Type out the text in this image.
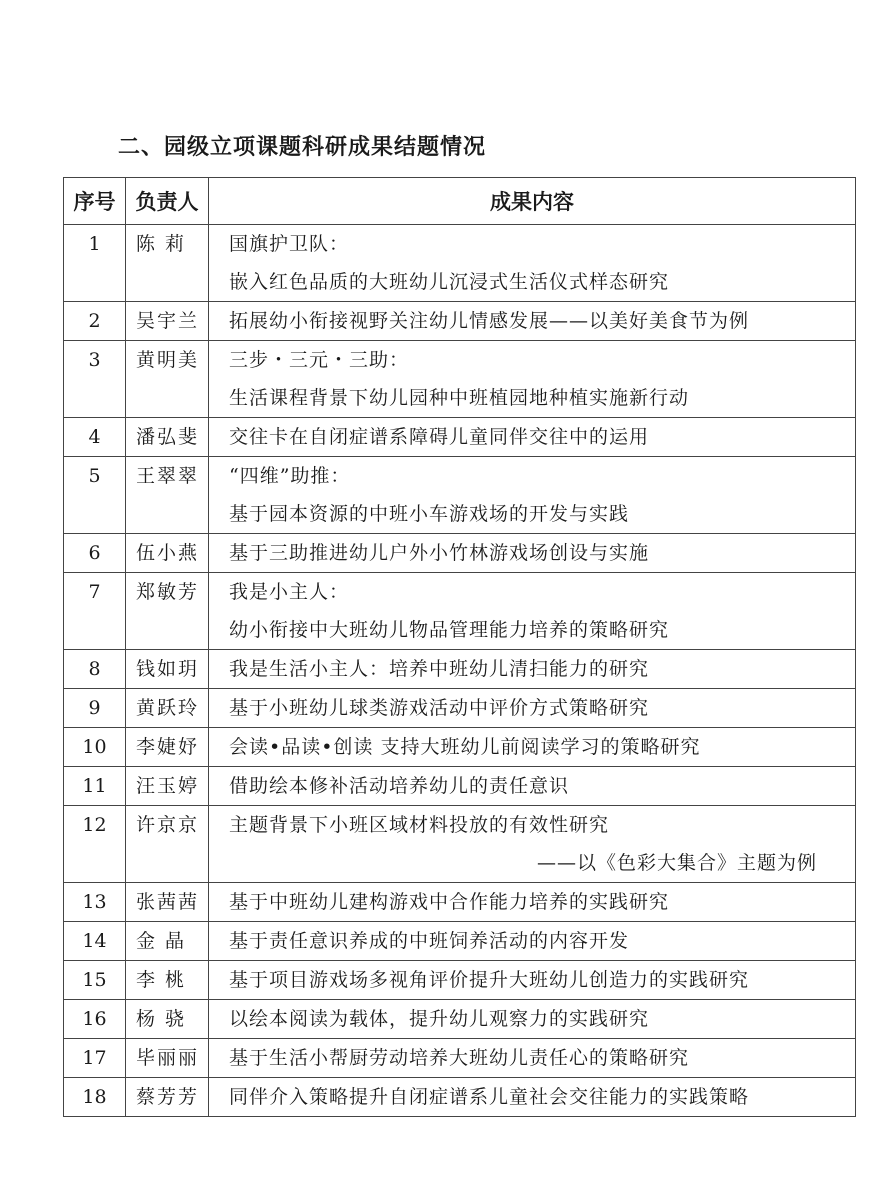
二、园级立项课题科研成果结题情况
序号	负责人	成果内容
1	陈 莉	国旗护卫队：
嵌入红色品质的大班幼儿沉浸式生活仪式样态研究

2	吴宇兰	拓展幼小衔接视野关注幼儿情感发展——以美好美食节为例

3	黄明美	三步・三元・三助：
生活课程背景下幼儿园种中班植园地种植实施新行动

4	潘弘斐	交往卡在自闭症谱系障碍儿童同伴交往中的运用

5	王翠翠	“四维”助推：
基于园本资源的中班小车游戏场的开发与实践

6	伍小燕	基于三助推进幼儿户外小竹林游戏场创设与实施

7	郑敏芳	我是小主人：
幼小衔接中大班幼儿物品管理能力培养的策略研究

8	钱如玥	我是生活小主人：培养中班幼儿清扫能力的研究

9	黄跃玲	基于小班幼儿球类游戏活动中评价方式策略研究

10	李婕妤	会读•品读•创读 支持大班幼儿前阅读学习的策略研究

11	汪玉婷	借助绘本修补活动培养幼儿的责任意识

12	许京京	主题背景下小班区域材料投放的有效性研究
——以《色彩大集合》主题为例

13	张茜茜	基于中班幼儿建构游戏中合作能力培养的实践研究

14	金 晶	基于责任意识养成的中班饲养活动的内容开发

15	李 桃	基于项目游戏场多视角评价提升大班幼儿创造力的实践研究

16	杨 骁	以绘本阅读为载体，提升幼儿观察力的实践研究

17	毕丽丽	基于生活小帮厨劳动培养大班幼儿责任心的策略研究

18	蔡芳芳	同伴介入策略提升自闭症谱系儿童社会交往能力的实践策略
